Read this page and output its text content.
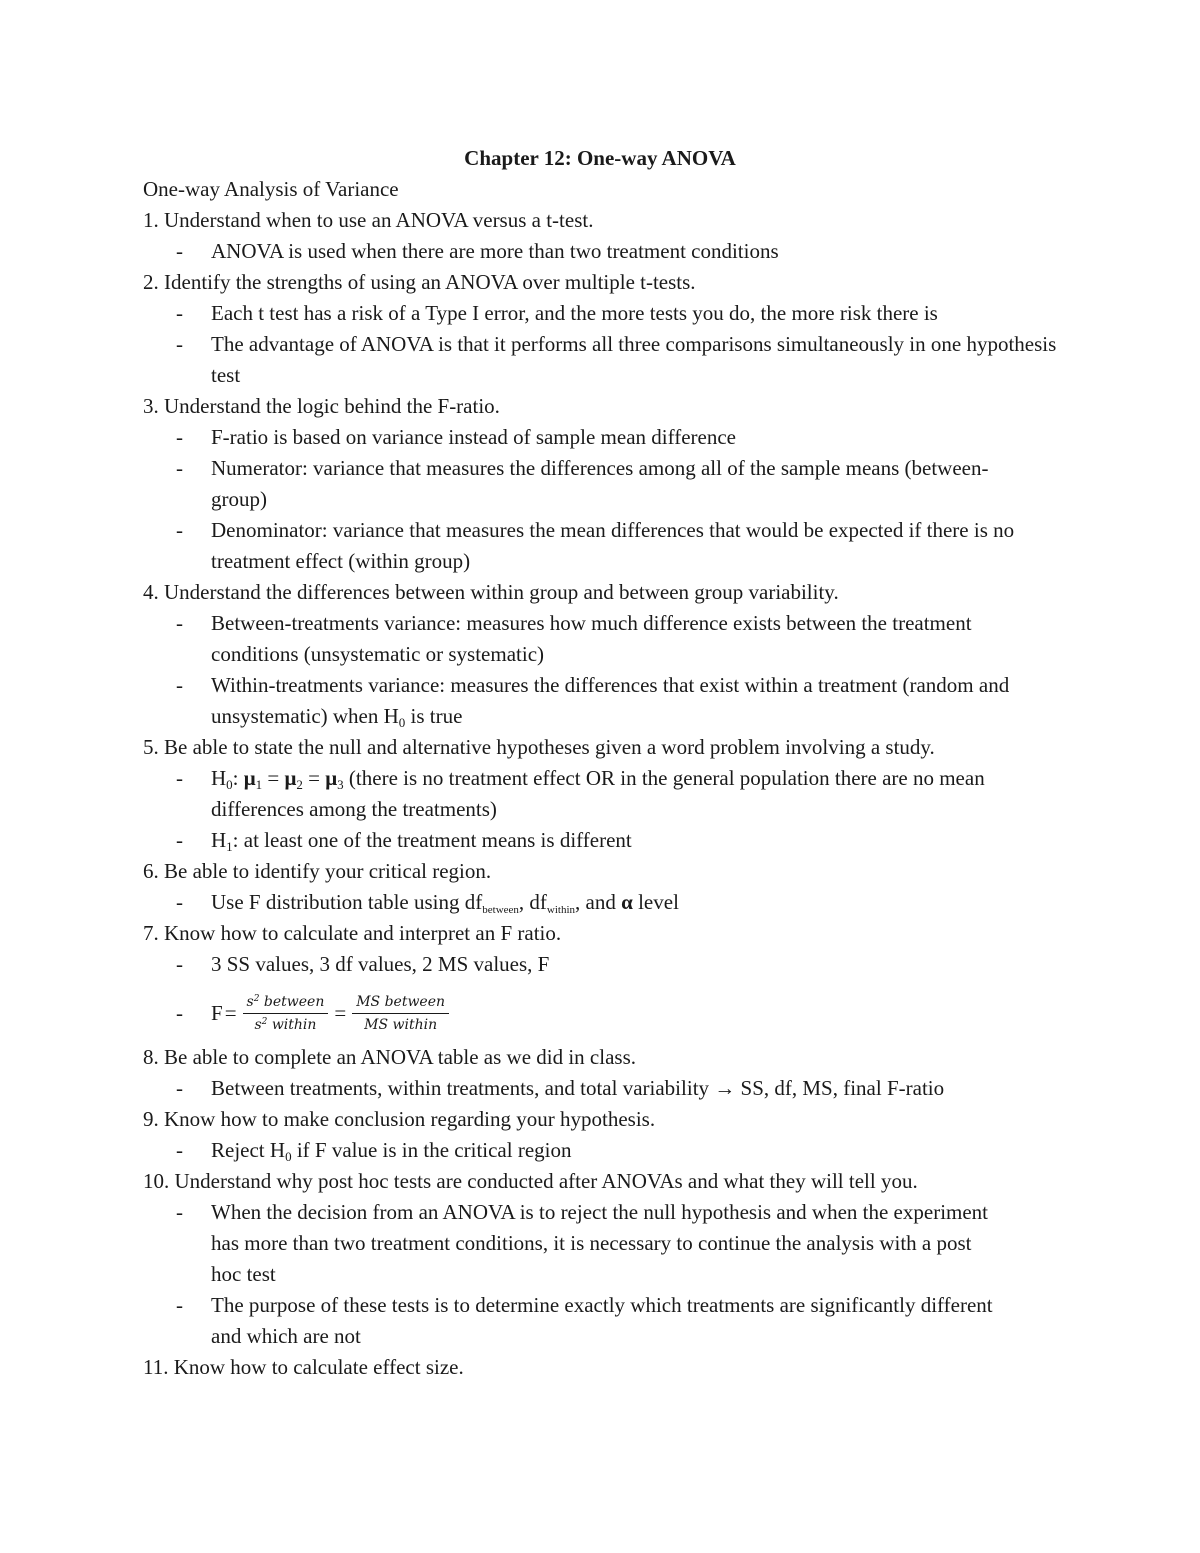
Chapter 12: One-way ANOVA

One-way Analysis of Variance

1. Understand when to use an ANOVA versus a t-test.

- ANOVA is used when there are more than two treatment conditions

2. Identify the strengths of using an ANOVA over multiple t-tests.

- Each t test has a risk of a Type I error, and the more tests you do, the more risk there is
- The advantage of ANOVA is that it performs all three comparisons simultaneously in one hypothesis test

3. Understand the logic behind the F-ratio.

- F-ratio is based on variance instead of sample mean difference
- Numerator: variance that measures the differences among all of the sample means (between-group)
- Denominator: variance that measures the mean differences that would be expected if there is no treatment effect (within group)

4. Understand the differences between within group and between group variability.

- Between-treatments variance: measures how much difference exists between the treatment conditions (unsystematic or systematic)
- Within-treatments variance: measures the differences that exist within a treatment (random and unsystematic) when $H_0$ is true

5. Be able to state the null and alternative hypotheses given a word problem involving a study.

- $H_0$: $\mu_1 = \mu_2 = \mu_3$ (there is no treatment effect OR in the general population there are no mean differences among the treatments)
- $H_1$: at least one of the treatment means is different

6. Be able to identify your critical region.

- Use F distribution table using $df_{between}$, $df_{within}$, and α level

7. Know how to calculate and interpret an F ratio.

- 3 SS values, 3 df values, 2 MS values, F
- $F = \frac{s^2 between}{s^2 within} = \frac{\text{MS between}}{\text{MS within}}$

8. Be able to complete an ANOVA table as we did in class.

- Between treatments, within treatments, and total variability → SS, df, MS, final F-ratio

9. Know how to make conclusion regarding your hypothesis.

- Reject $H_0$ if F value is in the critical region

10. Understand why post hoc tests are conducted after ANOVAs and what they will tell you.

- When the decision from an ANOVA is to reject the null hypothesis and when the experiment has more than two treatment conditions, it is necessary to continue the analysis with a post hoc test
- The purpose of these tests is to determine exactly which treatments are significantly different and which are not

11. Know how to calculate effect size.
